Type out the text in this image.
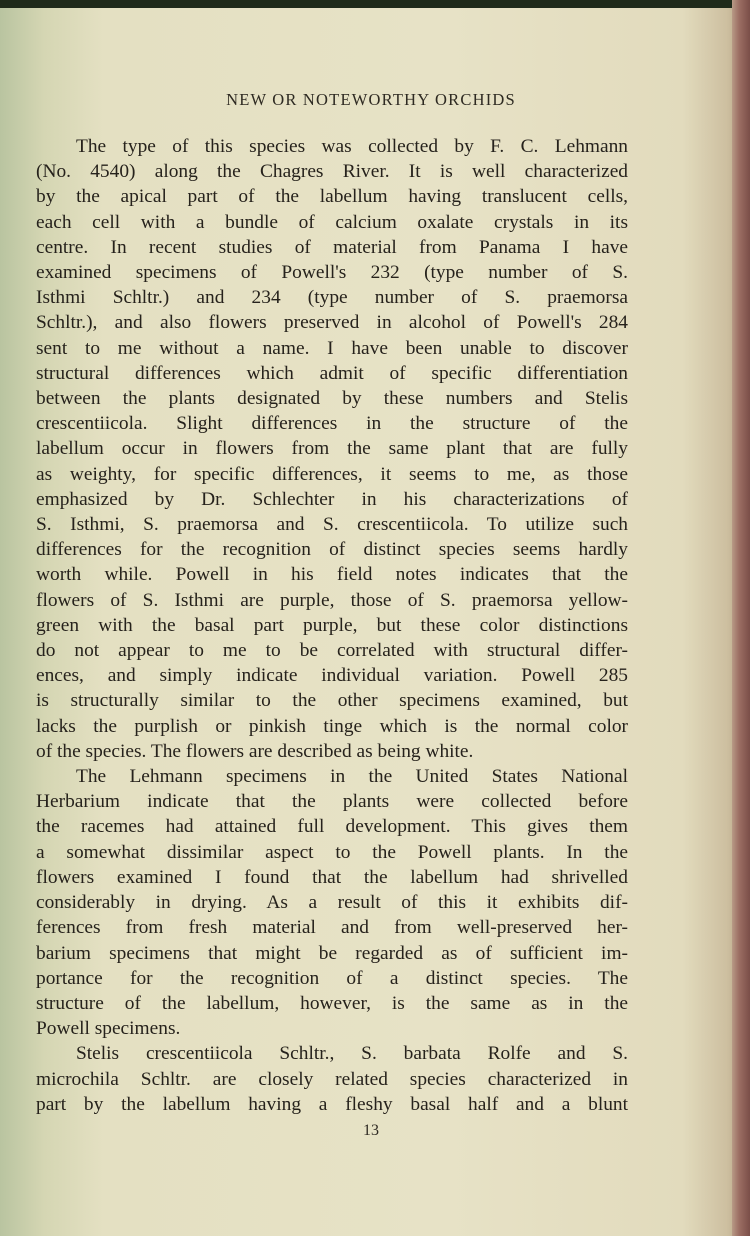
NEW OR NOTEWORTHY ORCHIDS
The type of this species was collected by F. C. Lehmann
(No. 4540) along the Chagres River. It is well characterized
by the apical part of the labellum having translucent cells,
each cell with a bundle of calcium oxalate crystals in its
centre. In recent studies of material from Panama I have
examined specimens of Powell's 232 (type number of S.
Isthmi Schltr.) and 234 (type number of S. praemorsa
Schltr.), and also flowers preserved in alcohol of Powell's 284
sent to me without a name. I have been unable to discover
structural differences which admit of specific differentiation
between the plants designated by these numbers and Stelis
crescentiicola. Slight differences in the structure of the
labellum occur in flowers from the same plant that are fully
as weighty, for specific differences, it seems to me, as those
emphasized by Dr. Schlechter in his characterizations of
S. Isthmi, S. praemorsa and S. crescentiicola. To utilize such
differences for the recognition of distinct species seems hardly
worth while. Powell in his field notes indicates that the
flowers of S. Isthmi are purple, those of S. praemorsa yellow-
green with the basal part purple, but these color distinctions
do not appear to me to be correlated with structural differ-
ences, and simply indicate individual variation. Powell 285
is structurally similar to the other specimens examined, but
lacks the purplish or pinkish tinge which is the normal color
of the species. The flowers are described as being white.
The Lehmann specimens in the United States National
Herbarium indicate that the plants were collected before
the racemes had attained full development. This gives them
a somewhat dissimilar aspect to the Powell plants. In the
flowers examined I found that the labellum had shrivelled
considerably in drying. As a result of this it exhibits dif-
ferences from fresh material and from well-preserved her-
barium specimens that might be regarded as of sufficient im-
portance for the recognition of a distinct species. The
structure of the labellum, however, is the same as in the
Powell specimens.
Stelis crescentiicola Schltr., S. barbata Rolfe and S.
microchila Schltr. are closely related species characterized in
part by the labellum having a fleshy basal half and a blunt
13
